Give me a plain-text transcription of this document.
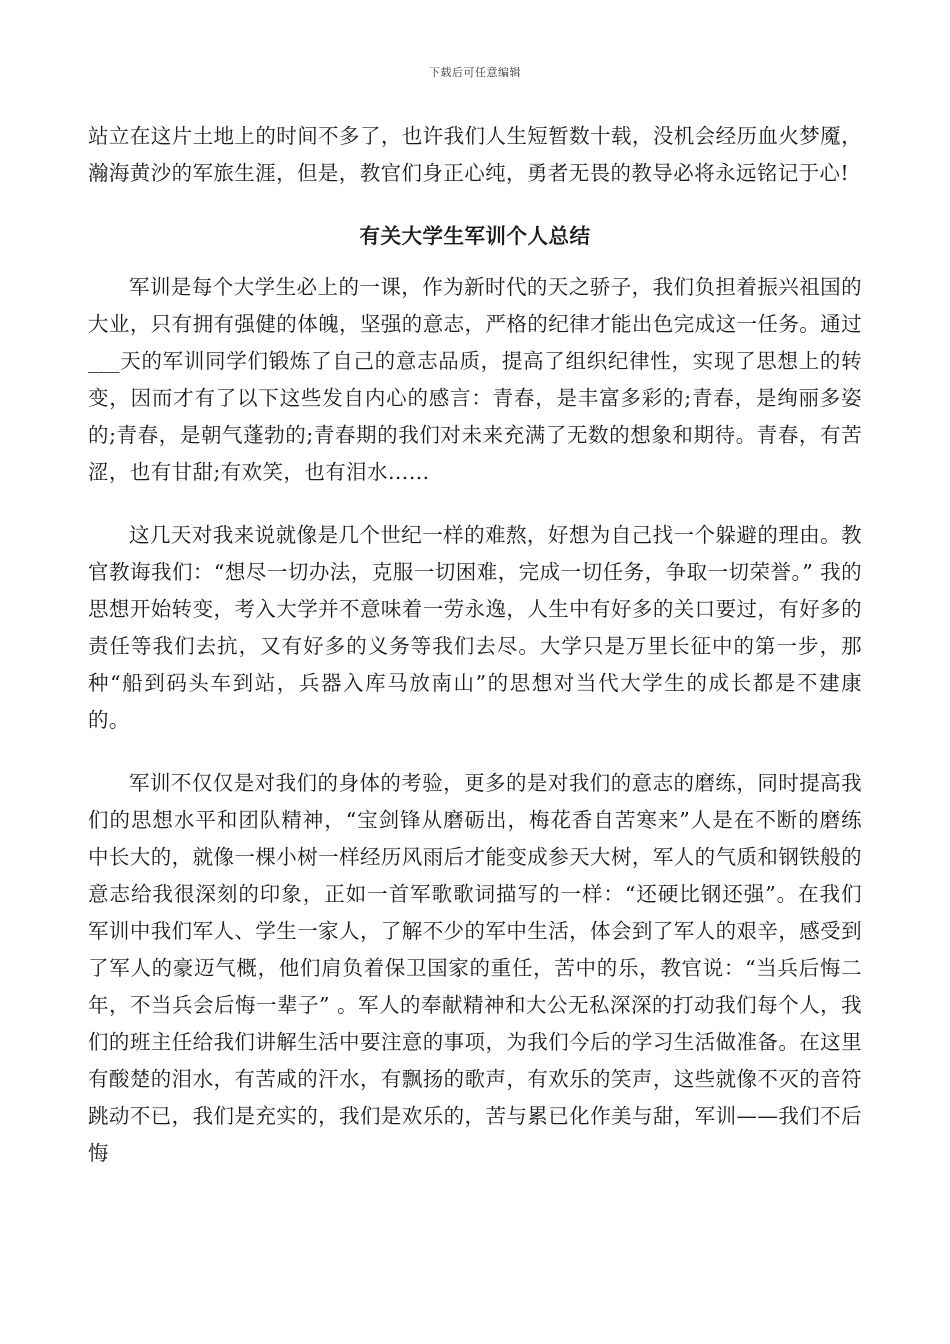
下载后可任意编辑

站立在这片土地上的时间不多了，也许我们人生短暂数十载，没机会经历血火梦魇，瀚海黄沙的军旅生涯，但是，教官们身正心纯，勇者无畏的教导必将永远铭记于心!

有关大学生军训个人总结

军训是每个大学生必上的一课，作为新时代的天之骄子，我们负担着振兴祖国的大业，只有拥有强健的体魄，坚强的意志，严格的纪律才能出色完成这一任务。通过___天的军训同学们锻炼了自己的意志品质，提高了组织纪律性，实现了思想上的转变，因而才有了以下这些发自内心的感言：青春，是丰富多彩的;青春，是绚丽多姿的;青春，是朝气蓬勃的;青春期的我们对未来充满了无数的想象和期待。青春，有苦涩，也有甘甜;有欢笑，也有泪水……

这几天对我来说就像是几个世纪一样的难熬，好想为自己找一个躲避的理由。教官教诲我们：“想尽一切办法，克服一切困难，完成一切任务，争取一切荣誉。” 我的思想开始转变，考入大学并不意味着一劳永逸，人生中有好多的关口要过，有好多的责任等我们去抗，又有好多的义务等我们去尽。大学只是万里长征中的第一步，那种“船到码头车到站，兵器入库马放南山”的思想对当代大学生的成长都是不建康的。

军训不仅仅是对我们的身体的考验，更多的是对我们的意志的磨练，同时提高我们的思想水平和团队精神，“宝剑锋从磨砺出，梅花香自苦寒来”人是在不断的磨练中长大的，就像一棵小树一样经历风雨后才能变成参天大树，军人的气质和钢铁般的意志给我很深刻的印象，正如一首军歌歌词描写的一样：“还硬比钢还强”。在我们军训中我们军人、学生一家人，了解不少的军中生活，体会到了军人的艰辛，感受到了军人的豪迈气概，他们肩负着保卫国家的重任，苦中的乐，教官说：“当兵后悔二年，不当兵会后悔一辈子” 。军人的奉献精神和大公无私深深的打动我们每个人，我们的班主任给我们讲解生活中要注意的事项，为我们今后的学习生活做准备。在这里有酸楚的泪水，有苦咸的汗水，有飘扬的歌声，有欢乐的笑声，这些就像不灭的音符跳动不已，我们是充实的，我们是欢乐的，苦与累已化作美与甜，军训——我们不后悔
